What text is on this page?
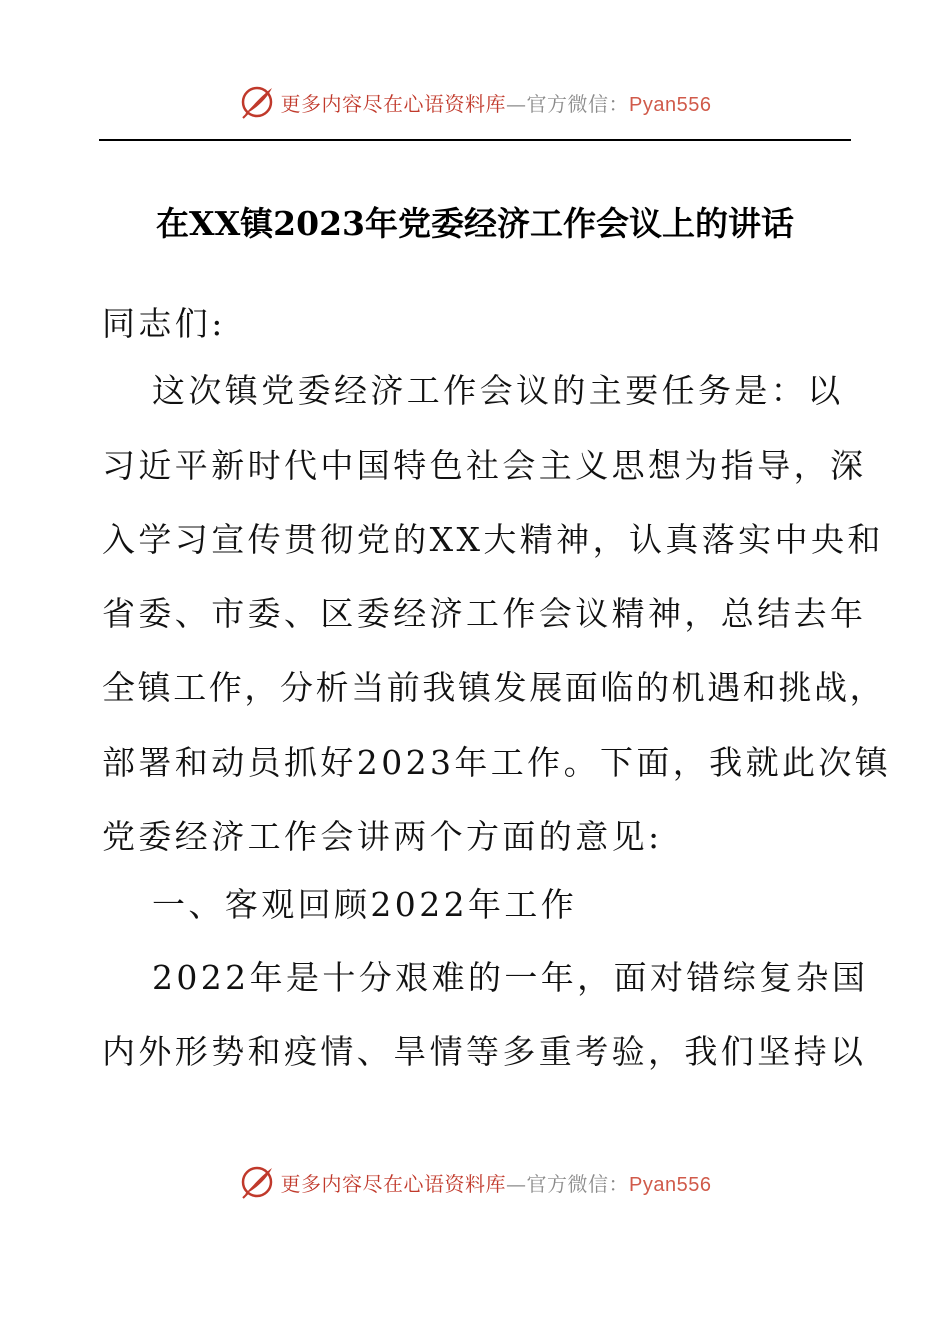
更多内容尽在心语资料库—官方微信：Pyan556
在XX镇2023年党委经济工作会议上的讲话
同志们:
这次镇党委经济工作会议的主要任务是：以
习近平新时代中国特色社会主义思想为指导，深
入学习宣传贯彻党的XX大精神，认真落实中央和
省委、市委、区委经济工作会议精神，总结去年
全镇工作，分析当前我镇发展面临的机遇和挑战，
部署和动员抓好2023年工作。下面，我就此次镇
党委经济工作会讲两个方面的意见:
一、客观回顾2022年工作
2022年是十分艰难的一年，面对错综复杂国
内外形势和疫情、旱情等多重考验，我们坚持以
更多内容尽在心语资料库—官方微信：Pyan556
